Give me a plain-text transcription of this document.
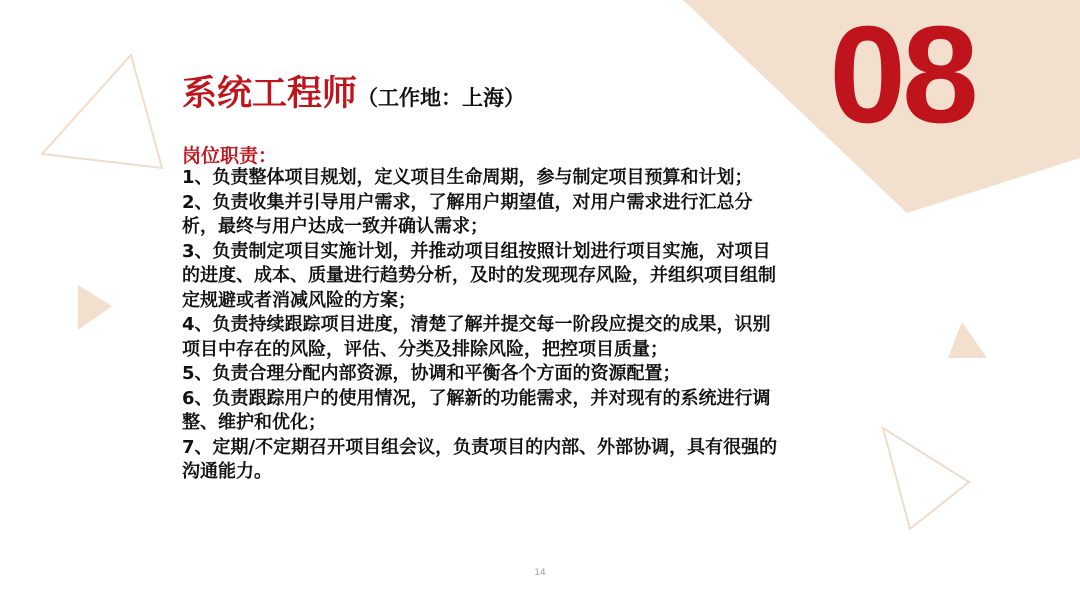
08
系统工程师（工作地：上海）
岗位职责：

1、负责整体项目规划，定义项目生命周期，参与制定项目预算和计划；

2、负责收集并引导用户需求，了解用户期望值，对用户需求进行汇总分析，最终与用户达成一致并确认需求；

3、负责制定项目实施计划，并推动项目组按照计划进行项目实施，对项目的进度、成本、质量进行趋势分析，及时的发现现存风险，并组织项目组制定规避或者消减风险的方案；

4、负责持续跟踪项目进度，清楚了解并提交每一阶段应提交的成果，识别项目中存在的风险，评估、分类及排除风险，把控项目质量；

5、负责合理分配内部资源，协调和平衡各个方面的资源配置；

6、负责跟踪用户的使用情况，了解新的功能需求，并对现有的系统进行调整、维护和优化；

7、定期/不定期召开项目组会议，负责项目的内部、外部协调，具有很强的沟通能力。

14
